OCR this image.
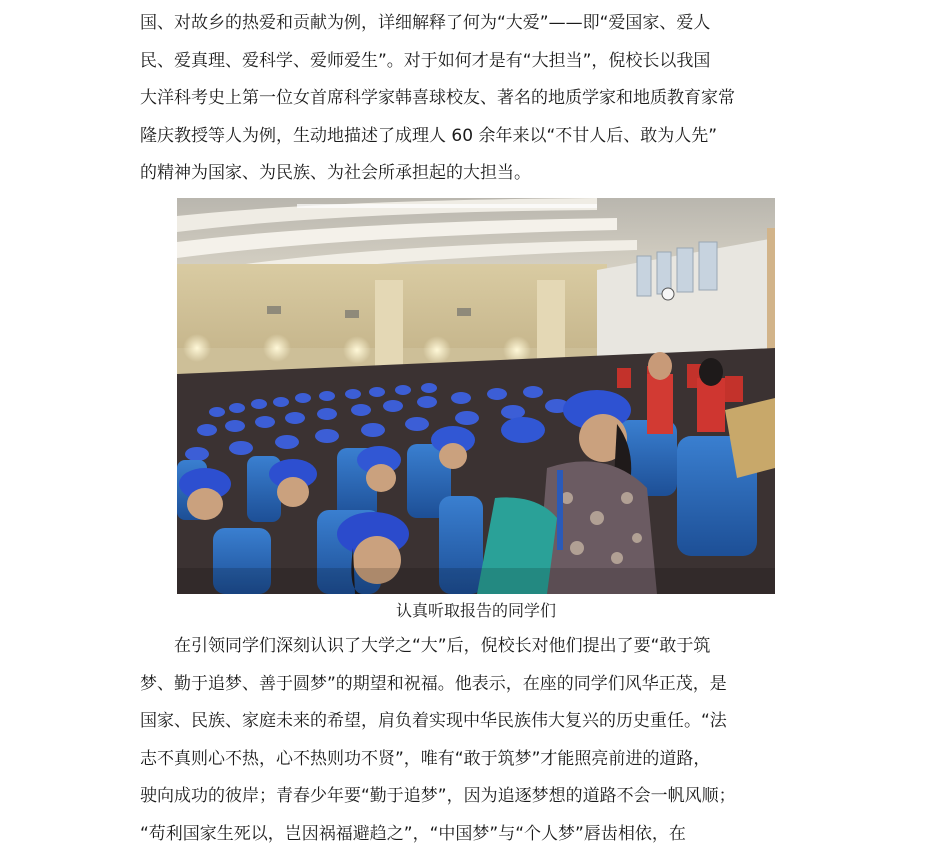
国、对故乡的热爱和贡献为例，详细解释了何为“大爱”——即“爱国家、爱人

民、爱真理、爱科学、爱师爱生”。对于如何才是有“大担当”，倪校长以我国

大洋科考史上第一位女首席科学家韩喜球校友、著名的地质学家和地质教育家常

隆庆教授等人为例，生动地描述了成理人 60 余年来以“不甘人后、敢为人先”

的精神为国家、为民族、为社会所承担起的大担当。

认真听取报告的同学们

　　在引领同学们深刻认识了大学之“大”后，倪校长对他们提出了要“敢于筑

梦、勤于追梦、善于圆梦”的期望和祝福。他表示，在座的同学们风华正茂，是

国家、民族、家庭未来的希望，肩负着实现中华民族伟大复兴的历史重任。“法

志不真则心不热，心不热则功不贤”，唯有“敢于筑梦”才能照亮前进的道路，

驶向成功的彼岸；青春少年要“勤于追梦”，因为追逐梦想的道路不会一帆风顺；

“苟利国家生死以，岂因祸福避趋之”，“中国梦”与“个人梦”唇齿相依，在
